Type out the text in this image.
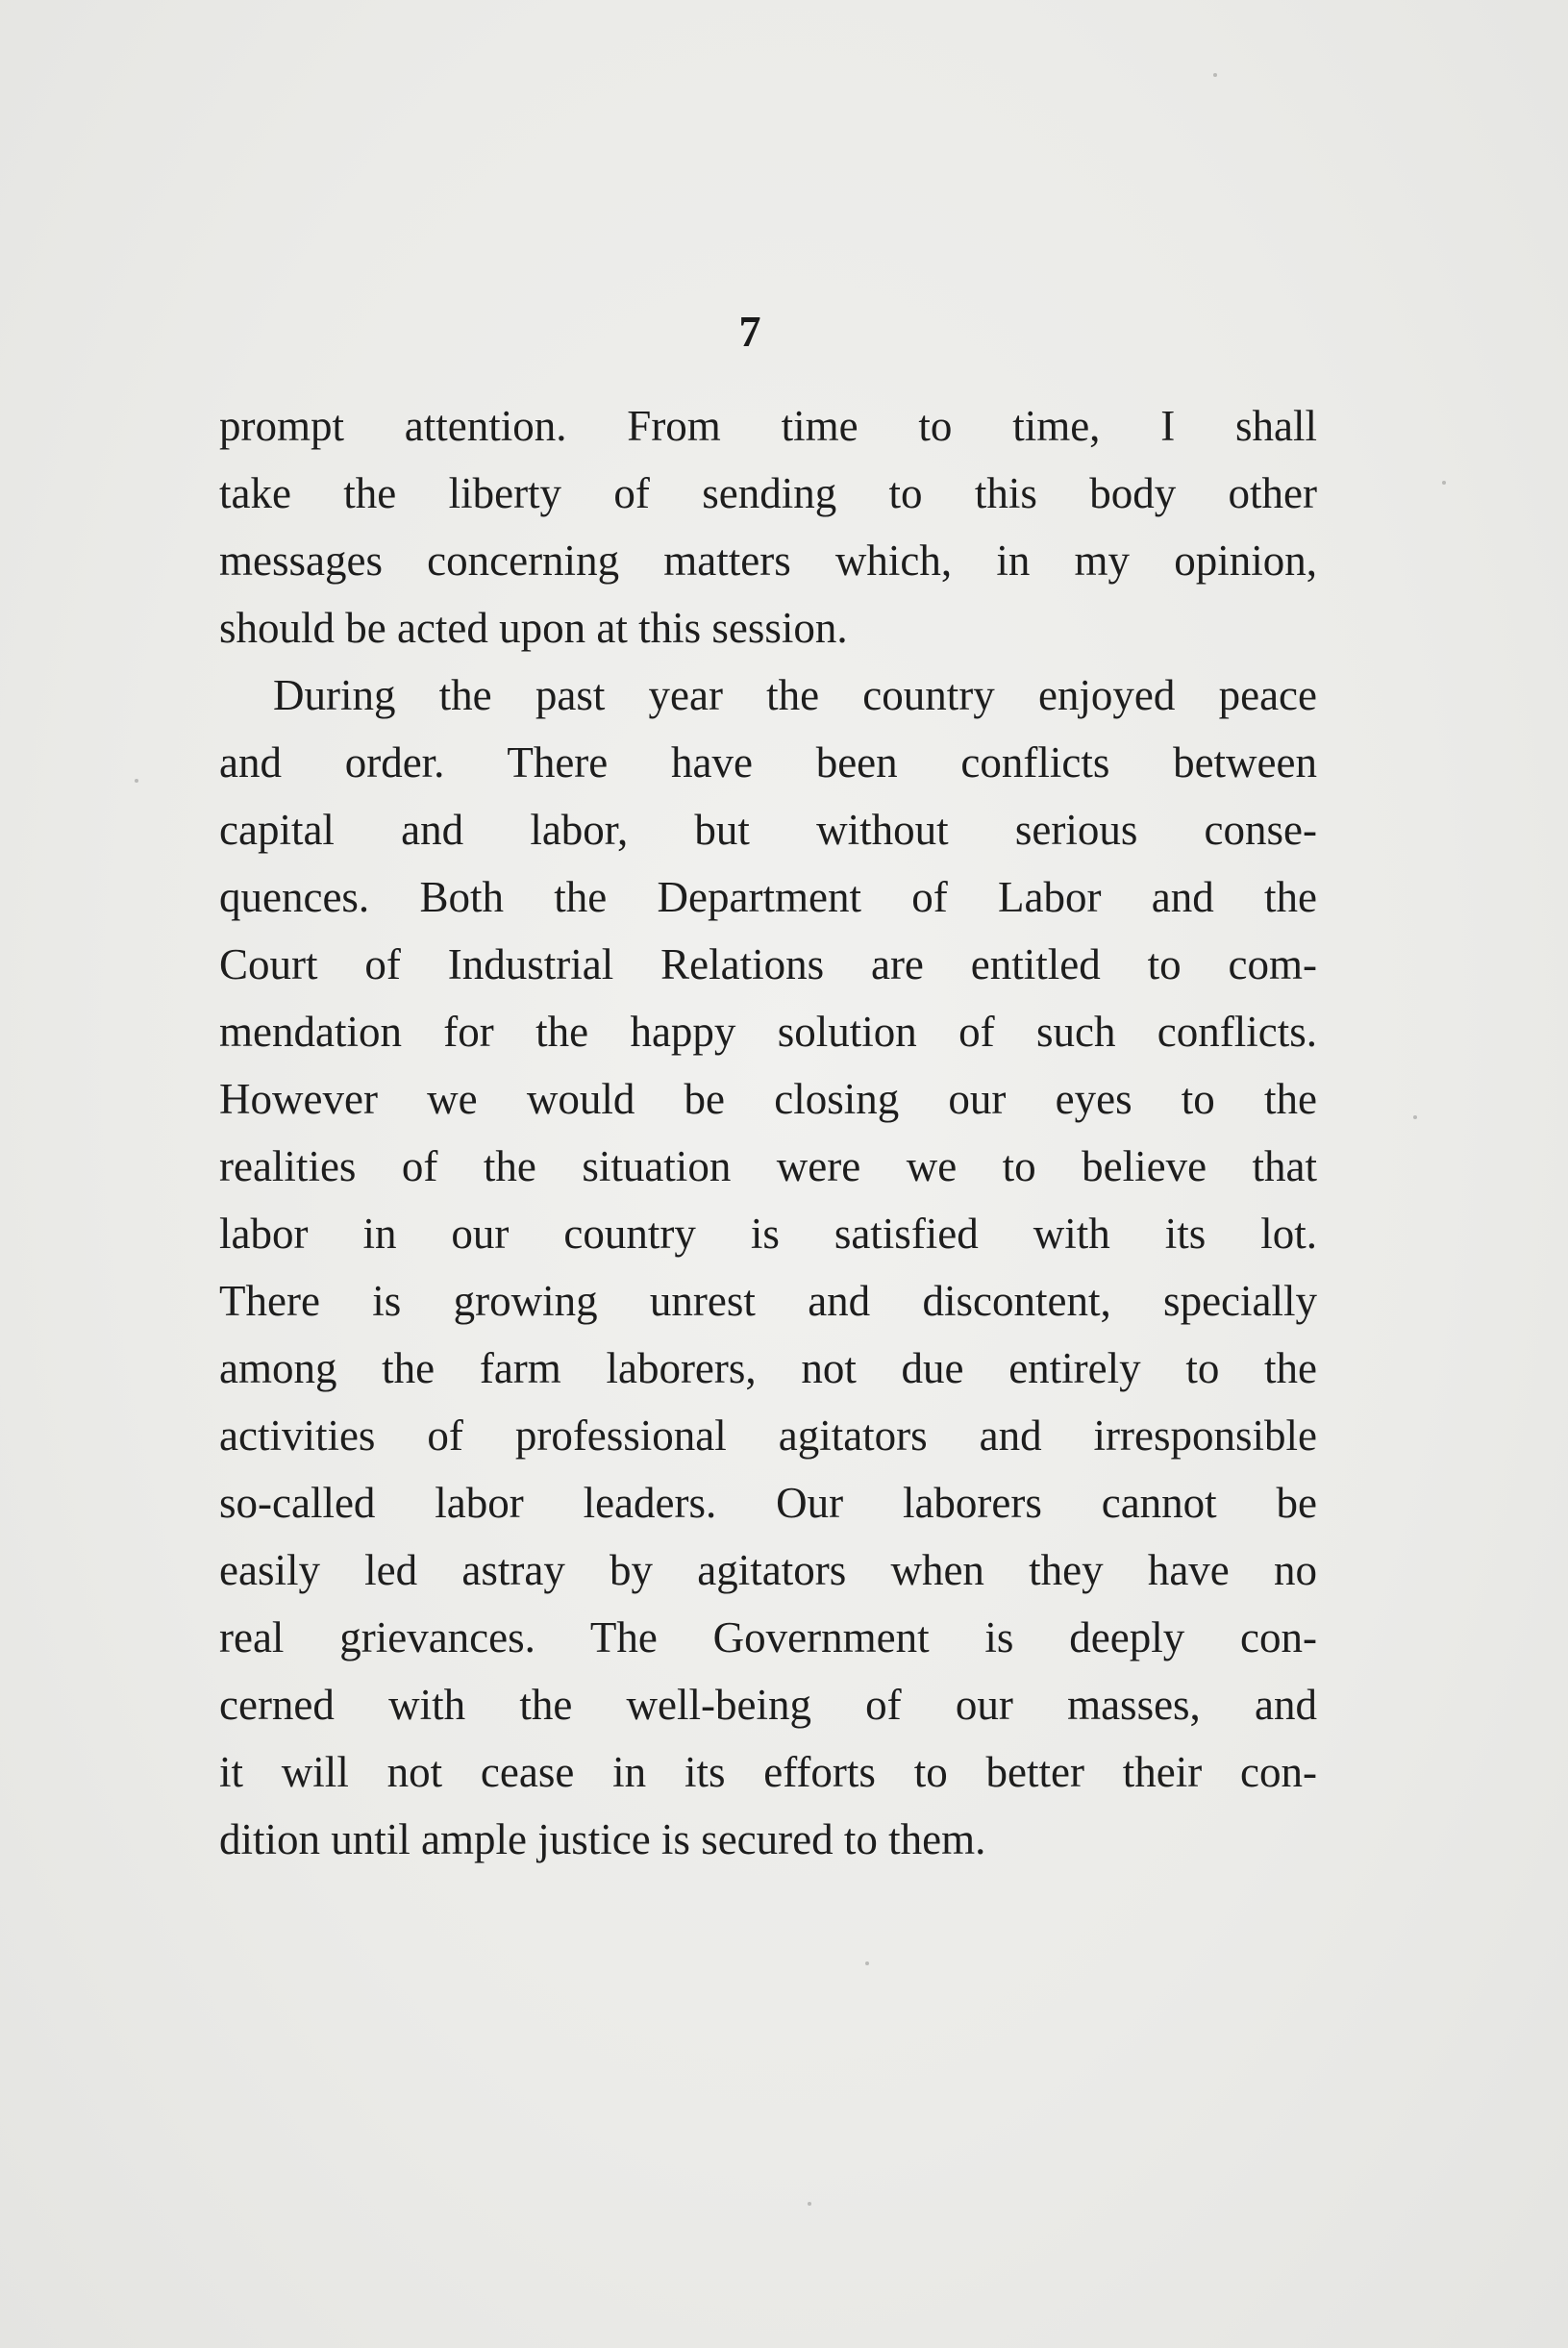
7
prompt attention. From time to time, I shall
take the liberty of sending to this body other
messages concerning matters which, in my opinion,
should be acted upon at this session.
During the past year the country enjoyed peace
and order. There have been conflicts between
capital and labor, but without serious conse-
quences. Both the Department of Labor and the
Court of Industrial Relations are entitled to com-
mendation for the happy solution of such conflicts.
However we would be closing our eyes to the
realities of the situation were we to believe that
labor in our country is satisfied with its lot.
There is growing unrest and discontent, specially
among the farm laborers, not due entirely to the
activities of professional agitators and irresponsible
so-called labor leaders. Our laborers cannot be
easily led astray by agitators when they have no
real grievances. The Government is deeply con-
cerned with the well-being of our masses, and
it will not cease in its efforts to better their con-
dition until ample justice is secured to them.
